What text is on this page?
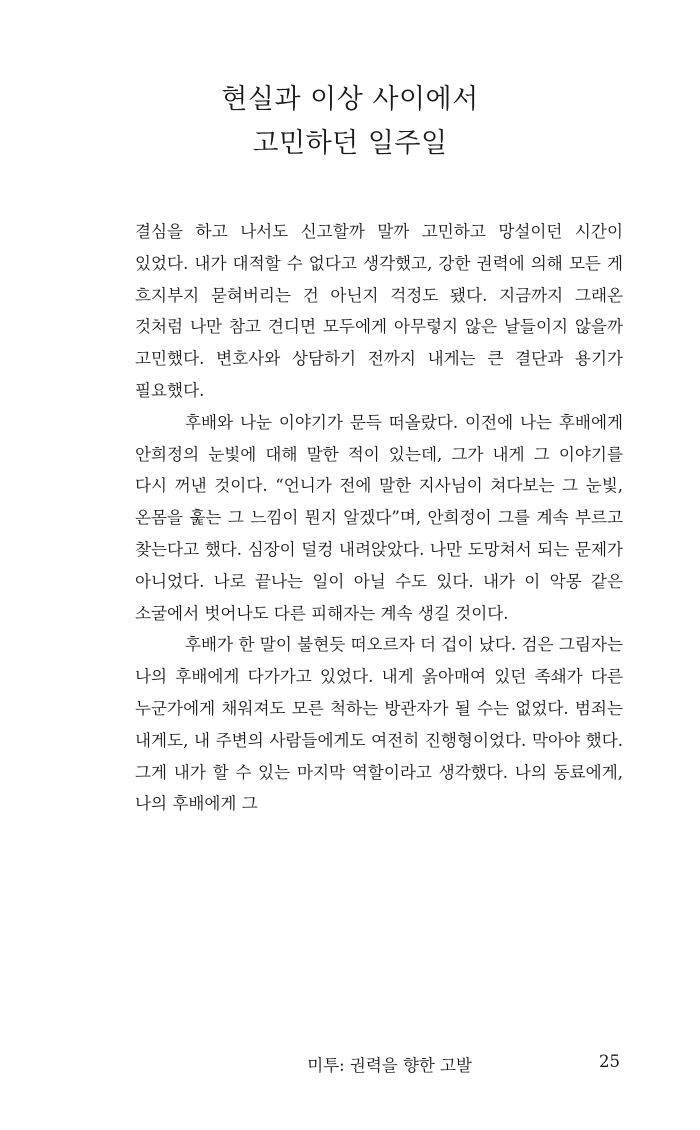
현실과 이상 사이에서
고민하던 일주일

결심을 하고 나서도 신고할까 말까 고민하고 망설이던 시간이 있었다. 내가 대적할 수 없다고 생각했고, 강한 권력에 의해 모든 게 흐지부지 묻혀버리는 건 아닌지 걱정도 됐다. 지금까지 그래온 것처럼 나만 참고 견디면 모두에게 아무렇지 않은 날들이지 않을까 고민했다. 변호사와 상담하기 전까지 내게는 큰 결단과 용기가 필요했다.

후배와 나눈 이야기가 문득 떠올랐다. 이전에 나는 후배에게 안희정의 눈빛에 대해 말한 적이 있는데, 그가 내게 그 이야기를 다시 꺼낸 것이다. “언니가 전에 말한 지사님이 쳐다보는 그 눈빛, 온몸을 훑는 그 느낌이 뭔지 알겠다”며, 안희정이 그를 계속 부르고 찾는다고 했다. 심장이 덜컹 내려앉았다. 나만 도망쳐서 되는 문제가 아니었다. 나로 끝나는 일이 아닐 수도 있다. 내가 이 악몽 같은 소굴에서 벗어나도 다른 피해자는 계속 생길 것이다.

후배가 한 말이 불현듯 떠오르자 더 겁이 났다. 검은 그림자는 나의 후배에게 다가가고 있었다. 내게 옭아매여 있던 족쇄가 다른 누군가에게 채워져도 모른 척하는 방관자가 될 수는 없었다. 범죄는 내게도, 내 주변의 사람들에게도 여전히 진행형이었다. 막아야 했다. 그게 내가 할 수 있는 마지막 역할이라고 생각했다. 나의 동료에게, 나의 후배에게 그

미투: 권력을 향한 고발	25
